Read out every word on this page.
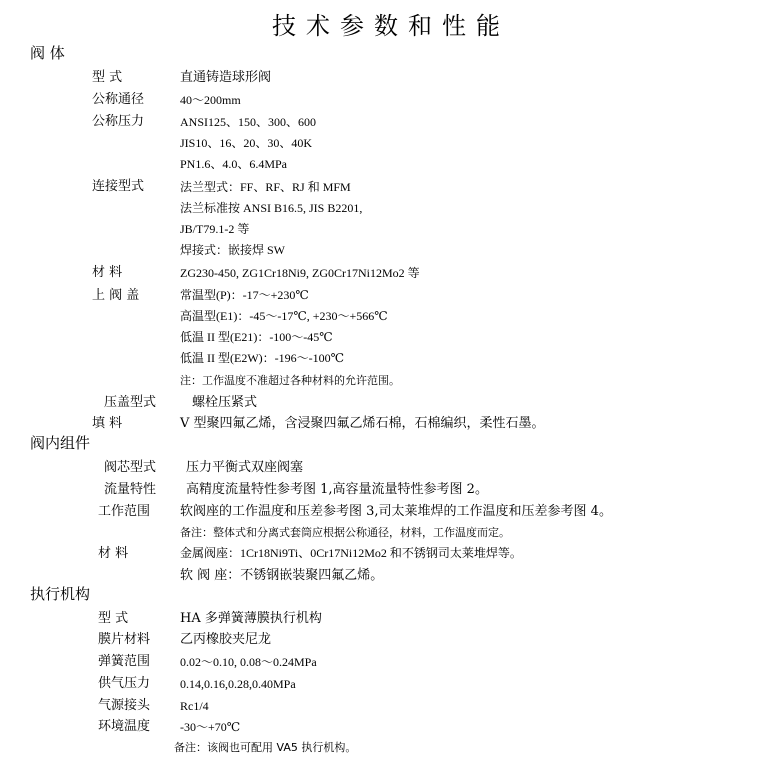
技术参数和性能
阀 体
型 式	直通铸造球形阀
公称通径	40～200mm
公称压力	ANSI125、150、300、600
JIS10、16、20、30、40K
PN1.6、4.0、6.4MPa
连接型式	法兰型式：FF、RF、RJ 和 MFM
法兰标准按 ANSI B16.5, JIS B2201,
JB/T79.1-2 等
焊接式：嵌接焊 SW
材 料	ZG230-450, ZG1Cr18Ni9, ZG0Cr17Ni12Mo2 等
上 阀 盖	常温型(P)：-17～+230℃
高温型(E1)：-45～-17℃, +230～+566℃
低温 II 型(E21)：-100～-45℃
低温 II 型(E2W)：-196～-100℃
注：工作温度不准超过各种材料的允许范围。
压盖型式	螺栓压紧式
填 料	V 型聚四氟乙烯，含浸聚四氟乙烯石棉，石棉编织，柔性石墨。
阀内组件
阀芯型式 压力平衡式双座阀塞
流量特性 高精度流量特性参考图 1,高容量流量特性参考图 2。
工作范围 软阀座的工作温度和压差参考图 3,司太莱堆焊的工作温度和压差参考图 4。
备注：整体式和分离式套筒应根据公称通径，材料，工作温度而定。
材 料	金属阀座：1Cr18Ni9Ti、0Cr17Ni12Mo2 和不锈钢司太莱堆焊等。
软 阀 座：不锈钢嵌装聚四氟乙烯。
执行机构
型 式	HA 多弹簧薄膜执行机构
膜片材料 乙丙橡胶夹尼龙
弹簧范围 0.02～0.10, 0.08～0.24MPa
供气压力 0.14,0.16,0.28,0.40MPa
气源接头 Rc1/4
环境温度 -30～+70℃
备注：该阀也可配用 VA5 执行机构。
